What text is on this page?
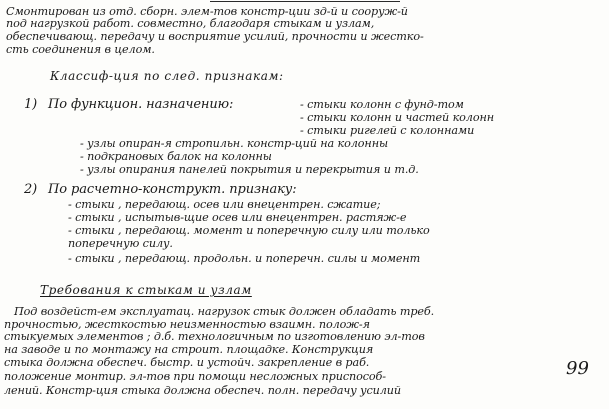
Смонтирован из отд. сборн. элем-тов констр-ции зд-й и сооруж-й
под нагрузкой работ. совместно, благодаря стыкам и узлам,
обеспечивающ. передачу и восприятие усилий, прочности и жестко-
сть соединения в целом.
Классиф-ция по след. признакам:
1) По функцион. назначению:	- стыки колонн с фунд-том
- стыки колонн и частей колонн
- стыки ригелей с колоннами
- узлы опиран-я стропильн. констр-ций на колонны
- подкрановых балок на колонны
- узлы опирания панелей покрытия и перекрытия и т.д.
2) По расчетно-конструкт. признаку:
- стыки , передающ. осев или внецентрен. сжатие;
- стыки , испытыв-щие осев или внецентрен. растяж-е
- стыки , передающ. момент и поперечную силу или только
поперечную силу.
- стыки , передающ. продольн. и поперечн. силы и момент
Требования к стыкам и узлам
Под воздейст-ем эксплуатац. нагрузок стык должен обладать треб.
прочностью, жесткостью неизменностью взаимн. полож-я
стыкуемых элементов ; д.б. технологичным по изготовлению эл-тов
на заводе и по монтажу на строит. площадке. Конструкция
стыка должна обеспеч. быстр. и устойч. закрепление в раб.
положение монтир. эл-тов при помощи несложных приспособ-
лений. Констр-ция стыка должна обеспеч. полн. передачу усилий
99
